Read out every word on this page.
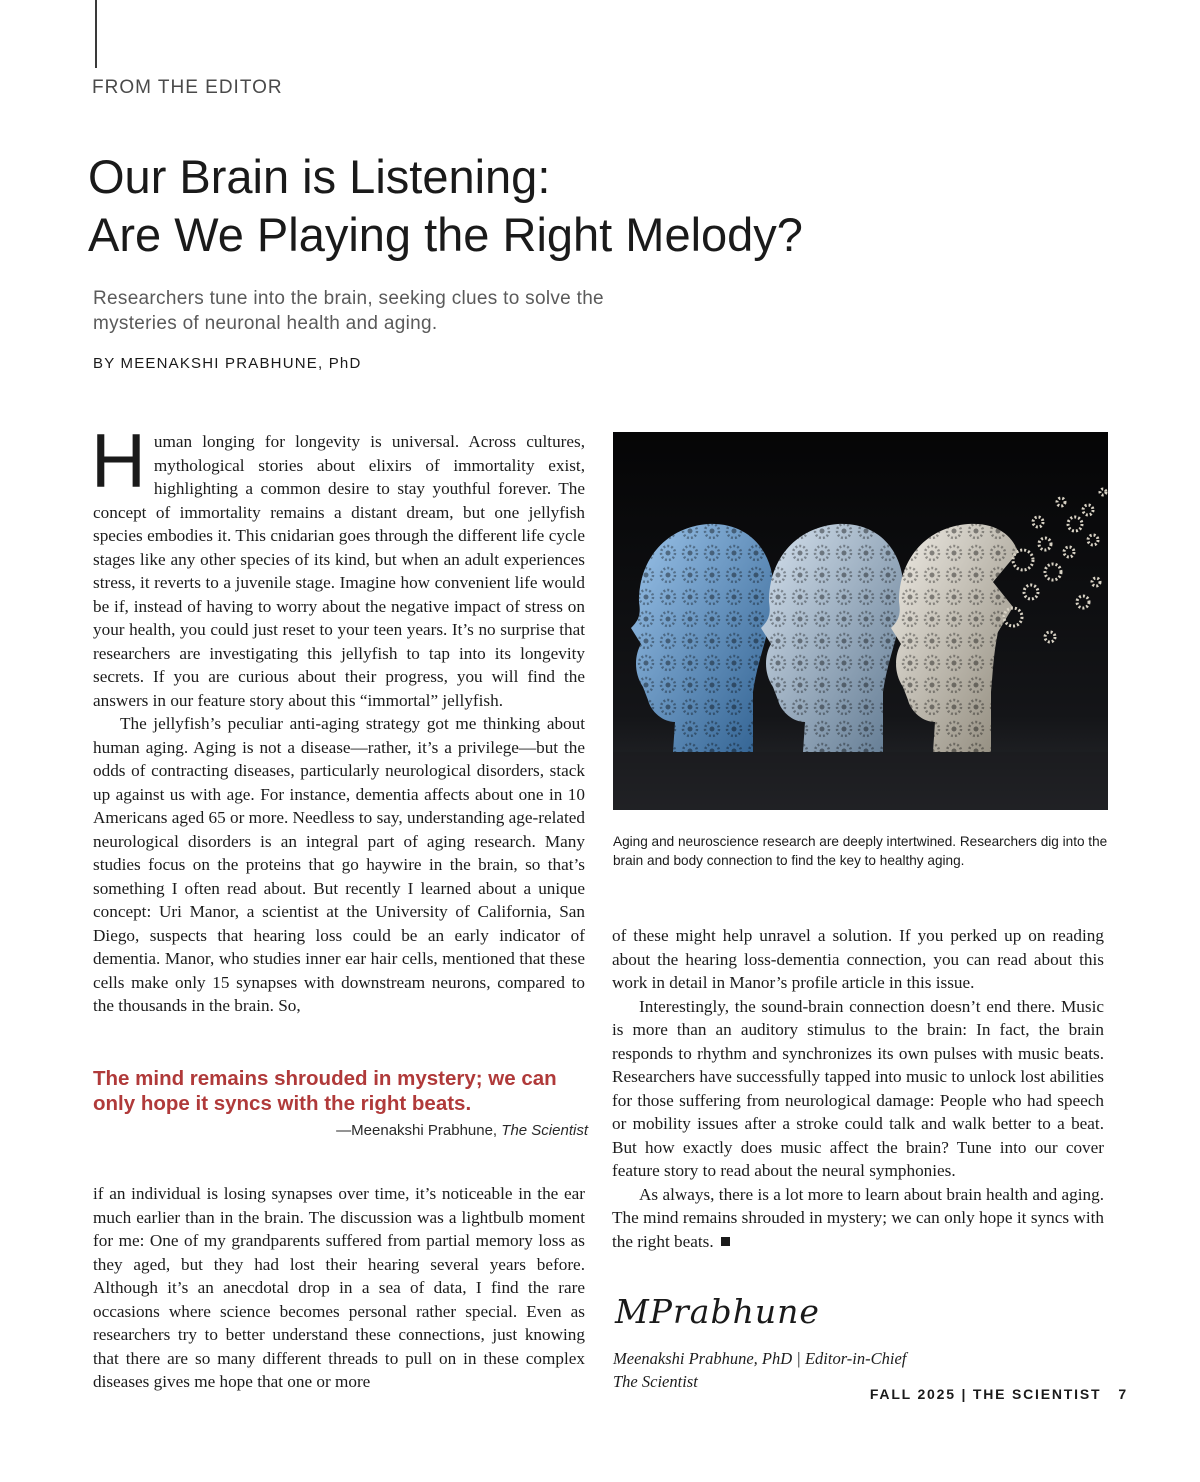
FROM THE EDITOR
Our Brain is Listening:
Are We Playing the Right Melody?
Researchers tune into the brain, seeking clues to solve the mysteries of neuronal health and aging.
BY MEENAKSHI PRABHUNE, PhD

Human longing for longevity is universal. Across cultures, mythological stories about elixirs of immortality exist, highlighting a common desire to stay youthful forever. The concept of immortality remains a distant dream, but one jellyfish species embodies it. This cnidarian goes through the different life cycle stages like any other species of its kind, but when an adult experiences stress, it reverts to a juvenile stage. Imagine how convenient life would be if, instead of having to worry about the negative impact of stress on your health, you could just reset to your teen years. It’s no surprise that researchers are investigating this jellyfish to tap into its longevity secrets. If you are curious about their progress, you will find the answers in our feature story about this “immortal” jellyfish.

The jellyfish’s peculiar anti-aging strategy got me thinking about human aging. Aging is not a disease—rather, it’s a privilege—but the odds of contracting diseases, particularly neurological disorders, stack up against us with age. For instance, dementia affects about one in 10 Americans aged 65 or more. Needless to say, understanding age-related neurological disorders is an integral part of aging research. Many studies focus on the proteins that go haywire in the brain, so that’s something I often read about. But recently I learned about a unique concept: Uri Manor, a scientist at the University of California, San Diego, suspects that hearing loss could be an early indicator of dementia. Manor, who studies inner ear hair cells, mentioned that these cells make only 15 synapses with downstream neurons, compared to the thousands in the brain. So,

The mind remains shrouded in mystery; we can only hope it syncs with the right beats.

—Meenakshi Prabhune, The Scientist

if an individual is losing synapses over time, it’s noticeable in the ear much earlier than in the brain. The discussion was a lightbulb moment for me: One of my grandparents suffered from partial memory loss as they aged, but they had lost their hearing several years before. Although it’s an anecdotal drop in a sea of data, I find the rare occasions where science becomes personal rather special. Even as researchers try to better understand these connections, just knowing that there are so many different threads to pull on in these complex diseases gives me hope that one or more

Aging and neuroscience research are deeply intertwined. Researchers dig into the brain and body connection to find the key to healthy aging.

of these might help unravel a solution. If you perked up on reading about the hearing loss-dementia connection, you can read about this work in detail in Manor’s profile article in this issue.

Interestingly, the sound-brain connection doesn’t end there. Music is more than an auditory stimulus to the brain: In fact, the brain responds to rhythm and synchronizes its own pulses with music beats. Researchers have successfully tapped into music to unlock lost abilities for those suffering from neurological damage: People who had speech or mobility issues after a stroke could talk and walk better to a beat. But how exactly does music affect the brain? Tune into our cover feature story to read about the neural symphonies.

As always, there is a lot more to learn about brain health and aging. The mind remains shrouded in mystery; we can only hope it syncs with the right beats.

MPrabhune
Meenakshi Prabhune, PhD | Editor-in-Chief
The Scientist
FALL 2025 | THE SCIENTIST 7
